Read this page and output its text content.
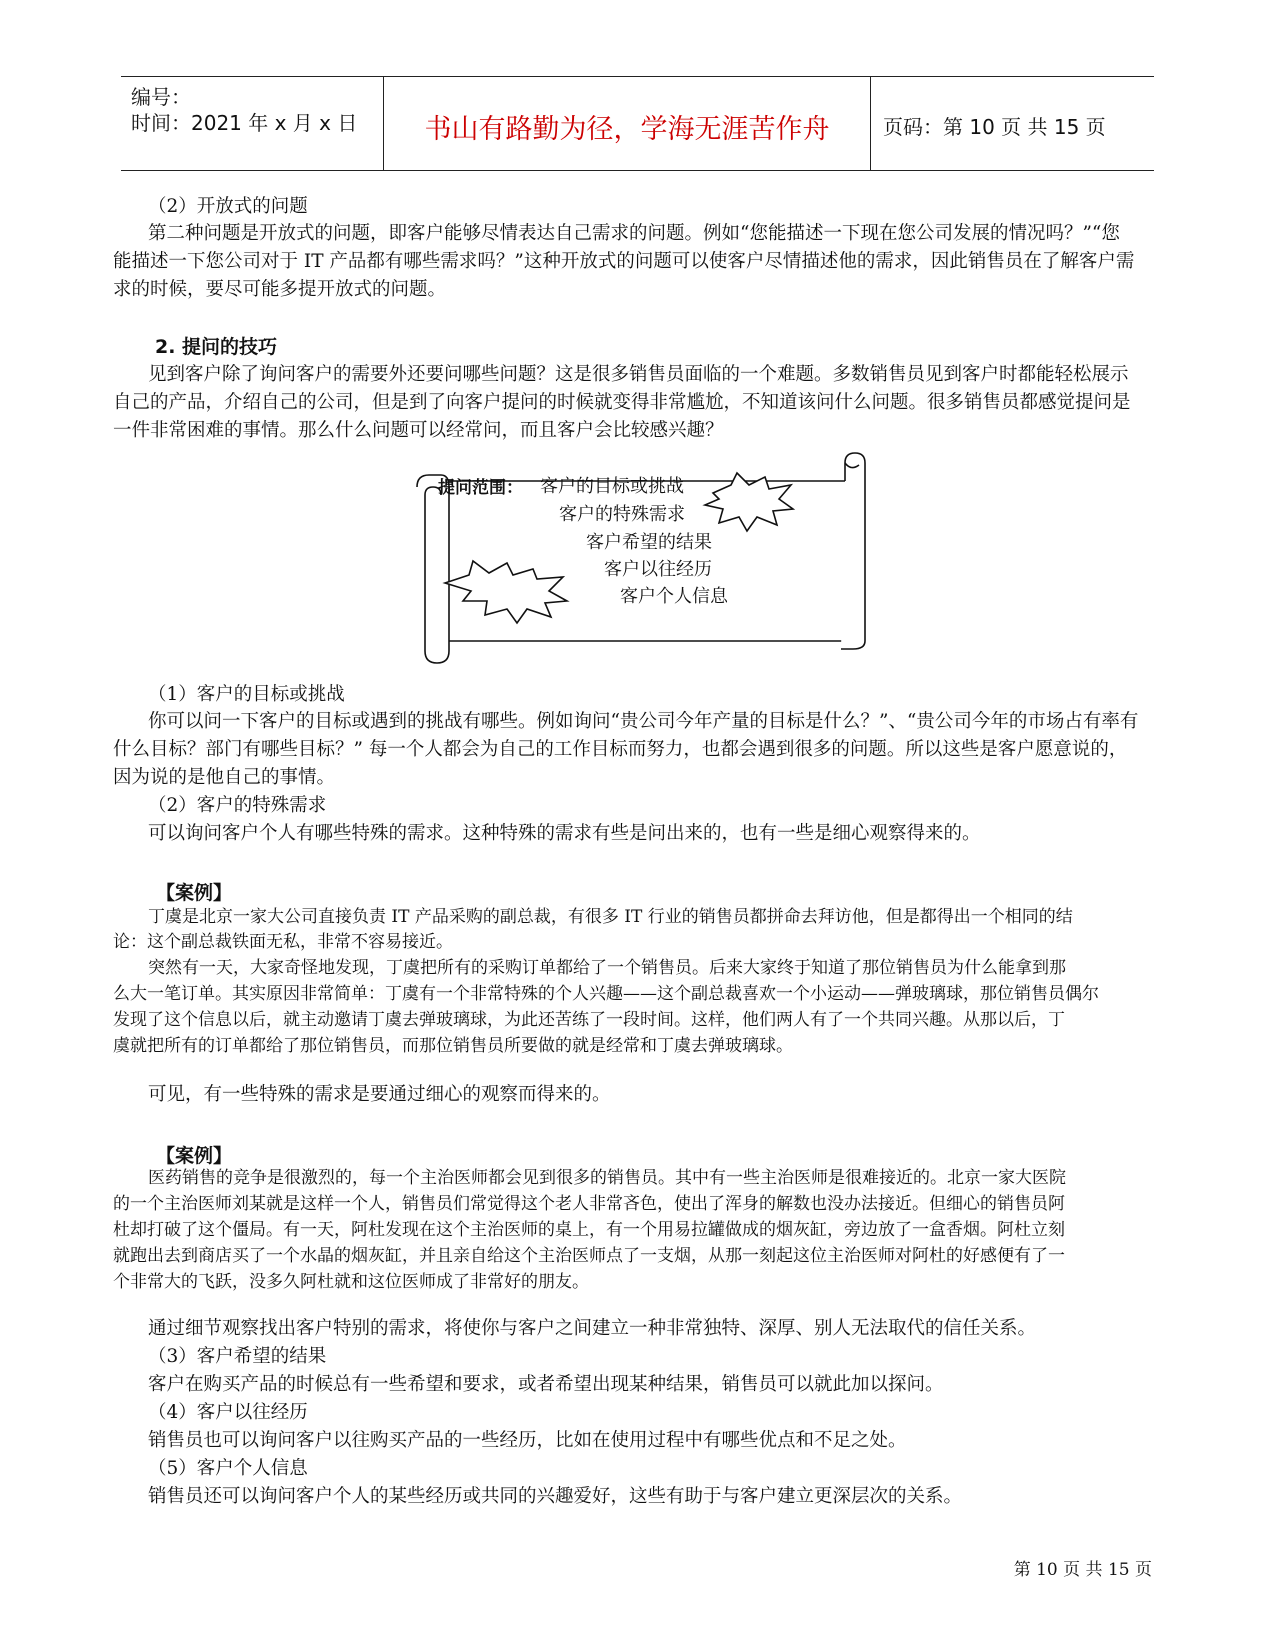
编号：
时间：2021 年 x 月 x 日	书山有路勤为径，学海无涯苦作舟	页码：第 10 页 共 15 页
（2）开放式的问题
第二种问题是开放式的问题，即客户能够尽情表达自己需求的问题。例如“您能描述一下现在您公司发展的情况吗？”“您
能描述一下您公司对于 IT 产品都有哪些需求吗？”这种开放式的问题可以使客户尽情描述他的需求，因此销售员在了解客户需
求的时候，要尽可能多提开放式的问题。
2. 提问的技巧
见到客户除了询问客户的需要外还要问哪些问题？这是很多销售员面临的一个难题。多数销售员见到客户时都能轻松展示
自己的产品，介绍自己的公司，但是到了向客户提问的时候就变得非常尴尬，不知道该问什么问题。很多销售员都感觉提问是
一件非常困难的事情。那么什么问题可以经常问，而且客户会比较感兴趣？
提问范围： 客户的目标或挑战
客户的特殊需求
客户希望的结果
客户以往经历
客户个人信息
（1）客户的目标或挑战
你可以问一下客户的目标或遇到的挑战有哪些。例如询问“贵公司今年产量的目标是什么？”、“贵公司今年的市场占有率有
什么目标？部门有哪些目标？” 每一个人都会为自己的工作目标而努力，也都会遇到很多的问题。所以这些是客户愿意说的，
因为说的是他自己的事情。
（2）客户的特殊需求
可以询问客户个人有哪些特殊的需求。这种特殊的需求有些是问出来的，也有一些是细心观察得来的。
【案例】
丁虞是北京一家大公司直接负责 IT 产品采购的副总裁，有很多 IT 行业的销售员都拼命去拜访他，但是都得出一个相同的结
论：这个副总裁铁面无私，非常不容易接近。
突然有一天，大家奇怪地发现，丁虞把所有的采购订单都给了一个销售员。后来大家终于知道了那位销售员为什么能拿到那
么大一笔订单。其实原因非常简单：丁虞有一个非常特殊的个人兴趣——这个副总裁喜欢一个小运动——弹玻璃球，那位销售员偶尔
发现了这个信息以后，就主动邀请丁虞去弹玻璃球，为此还苦练了一段时间。这样，他们两人有了一个共同兴趣。从那以后，丁
虞就把所有的订单都给了那位销售员，而那位销售员所要做的就是经常和丁虞去弹玻璃球。
可见，有一些特殊的需求是要通过细心的观察而得来的。
【案例】
医药销售的竞争是很激烈的，每一个主治医师都会见到很多的销售员。其中有一些主治医师是很难接近的。北京一家大医院
的一个主治医师刘某就是这样一个人，销售员们常觉得这个老人非常吝色，使出了浑身的解数也没办法接近。但细心的销售员阿
杜却打破了这个僵局。有一天，阿杜发现在这个主治医师的桌上，有一个用易拉罐做成的烟灰缸，旁边放了一盒香烟。阿杜立刻
就跑出去到商店买了一个水晶的烟灰缸，并且亲自给这个主治医师点了一支烟，从那一刻起这位主治医师对阿杜的好感便有了一
个非常大的飞跃，没多久阿杜就和这位医师成了非常好的朋友。
通过细节观察找出客户特别的需求，将使你与客户之间建立一种非常独特、深厚、别人无法取代的信任关系。
（3）客户希望的结果
客户在购买产品的时候总有一些希望和要求，或者希望出现某种结果，销售员可以就此加以探问。
（4）客户以往经历
销售员也可以询问客户以往购买产品的一些经历，比如在使用过程中有哪些优点和不足之处。
（5）客户个人信息
销售员还可以询问客户个人的某些经历或共同的兴趣爱好，这些有助于与客户建立更深层次的关系。
第 10 页 共 15 页
